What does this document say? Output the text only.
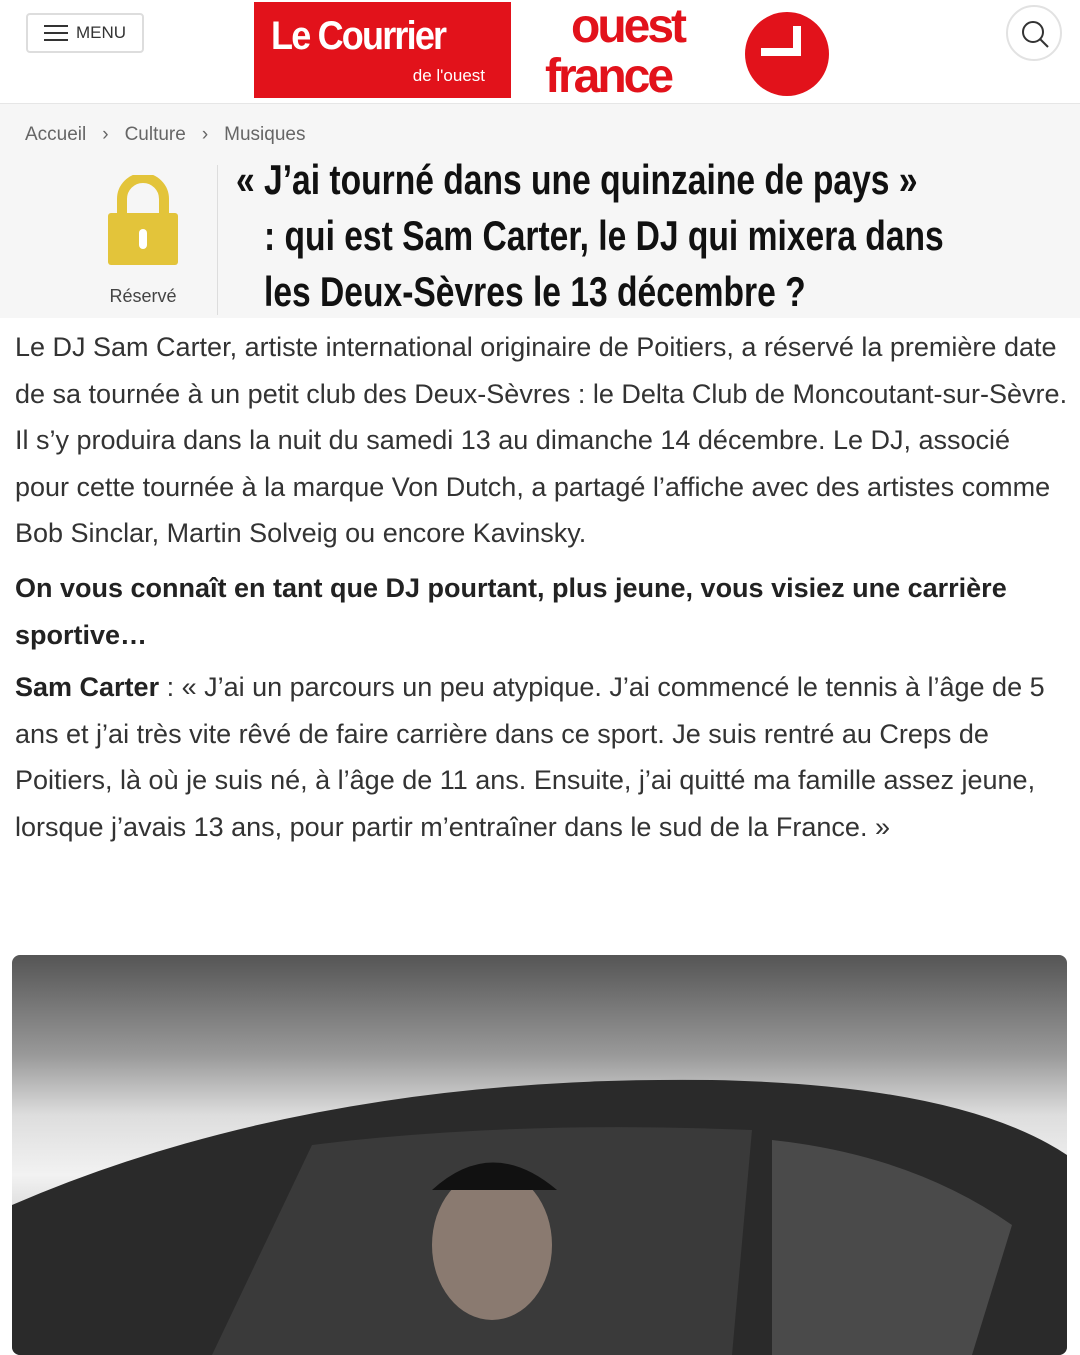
MENU	Le Courrier
de l'ouest
ouest
france
Accueil › Culture › Musiques
Réservé
« J’ai tourné dans une quinzaine de pays »
: qui est Sam Carter, le DJ qui mixera dans
les Deux-Sèvres le 13 décembre ?

Le DJ Sam Carter, artiste international originaire de Poitiers, a réservé la première date de sa tournée à un petit club des Deux-Sèvres : le Delta Club de Moncoutant-sur-Sèvre. Il s’y produira dans la nuit du samedi 13 au dimanche 14 décembre. Le DJ, associé pour cette tournée à la marque Von Dutch, a partagé l’affiche avec des artistes comme Bob Sinclar, Martin Solveig ou encore Kavinsky.

On vous connaît en tant que DJ pourtant, plus jeune, vous visiez une carrière sportive…

Sam Carter : « J’ai un parcours un peu atypique. J’ai commencé le tennis à l’âge de 5 ans et j’ai très vite rêvé de faire carrière dans ce sport. Je suis rentré au Creps de Poitiers, là où je suis né, à l’âge de 11 ans. Ensuite, j’ai quitté ma famille assez jeune, lorsque j’avais 13 ans, pour partir m’entraîner dans le sud de la France. »
